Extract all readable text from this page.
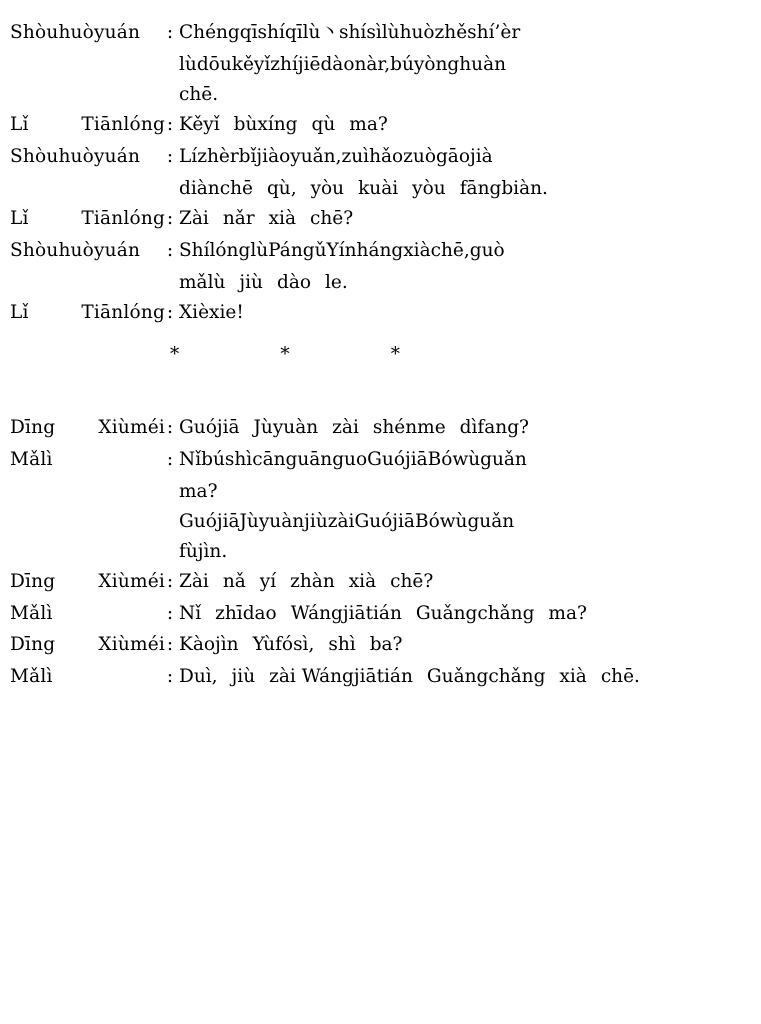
Shòuhuòyuán : Chéngqīshíqīlù丶shísìlùhuòzhěshí’èr
lùdōukěyǐzhíjiēdàonàr,búyònghuàn
chē.
Lǐ	Tiānlóng : Kěyǐ bùxíng qù ma?
Shòuhuòyuán : Lízhèrbǐjiàoyuǎn,zuìhǎozuògāojià
diànchē qù, yòu kuài yòu fāngbiàn.
Lǐ	Tiānlóng : Zài nǎr xià chē?
Shòuhuòyuán : ShílónglùPángǔYínhángxiàchē,guò
mǎlù jiù dào le.
Lǐ	Tiānlóng : Xièxie!
*	*	*
Dīng Xiùméi : Guójiā Jùyuàn zài shénme dìfang?
Mǎlì	: NǐbúshìcānguānguoGuójiāBówùguǎn
ma?
GuójiāJùyuànjiùzàiGuójiāBówùguǎn
fùjìn.
Dīng Xiùméi : Zài nǎ yí zhàn xià chē?
Mǎlì	: Nǐ zhīdao Wángjiātián Guǎngchǎng ma?
Dīng Xiùméi : Kàojìn Yùfósì, shì ba?
Mǎlì	: Duì, jiù zài Wángjiātián Guǎngchǎng xià chē.
